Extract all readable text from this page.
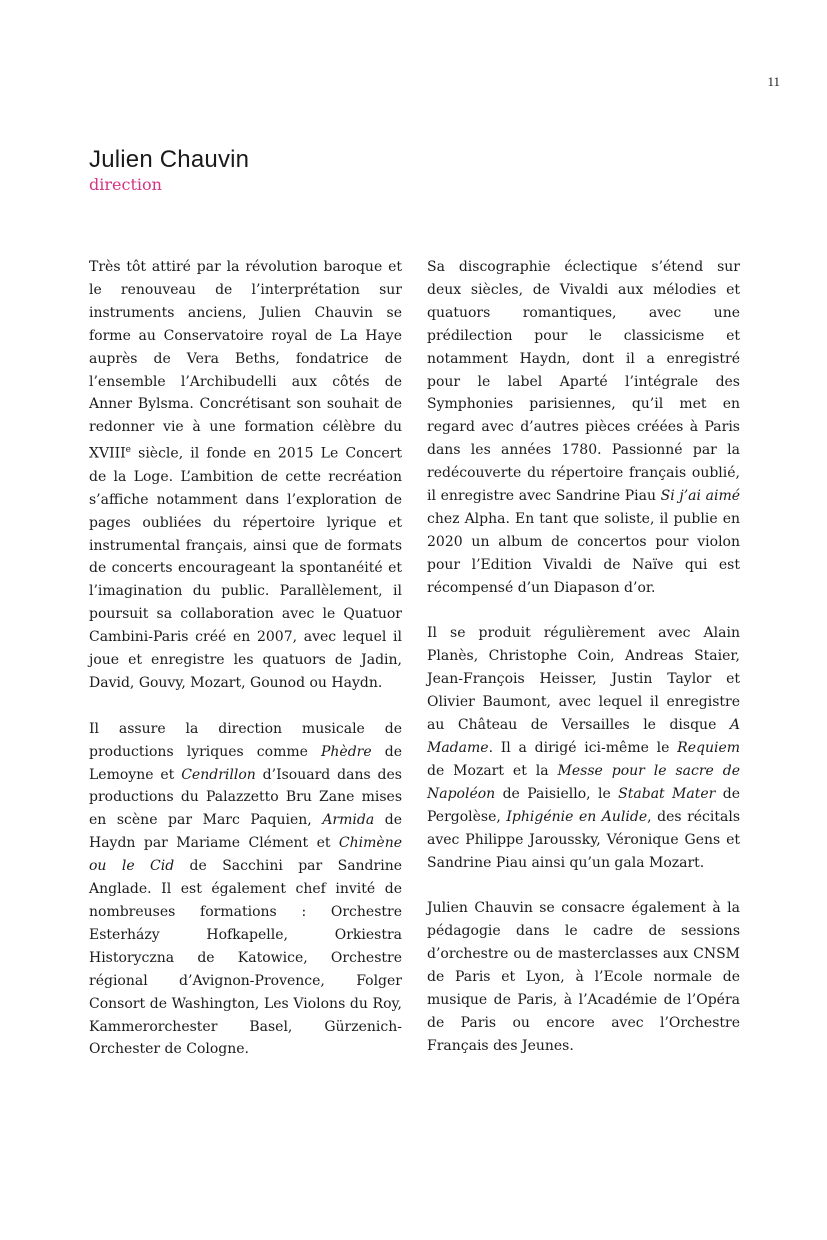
11
Julien Chauvin
direction

Très tôt attiré par la révolution baroque et le renouveau de l’interprétation sur instruments anciens, Julien Chauvin se forme au Conservatoire royal de La Haye auprès de Vera Beths, fondatrice de l’ensemble l’Archibudelli aux côtés de Anner Bylsma. Concrétisant son souhait de redonner vie à une formation célèbre du XVIIIe siècle, il fonde en 2015 Le Concert de la Loge. L’ambition de cette recréation s’affiche notamment dans l’exploration de pages oubliées du répertoire lyrique et instrumental français, ainsi que de formats de concerts encourageant la spontanéité et l’imagination du public. Parallèlement, il poursuit sa collaboration avec le Quatuor Cambini-Paris créé en 2007, avec lequel il joue et enregistre les quatuors de Jadin, David, Gouvy, Mozart, Gounod ou Haydn.

Il assure la direction musicale de productions lyriques comme Phèdre de Lemoyne et Cendrillon d’Isouard dans des productions du Palazzetto Bru Zane mises en scène par Marc Paquien, Armida de Haydn par Mariame Clément et Chimène ou le Cid de Sacchini par Sandrine Anglade. Il est également chef invité de nombreuses formations : Orchestre Esterházy Hofkapelle, Orkiestra Historyczna de Katowice, Orchestre régional d’Avignon-Provence, Folger Consort de Washington, Les Violons du Roy, Kammerorchester Basel, Gürzenich-Orchester de Cologne.

Sa discographie éclectique s’étend sur deux siècles, de Vivaldi aux mélodies et quatuors romantiques, avec une prédilection pour le classicisme et notamment Haydn, dont il a enregistré pour le label Aparté l’intégrale des Symphonies parisiennes, qu’il met en regard avec d’autres pièces créées à Paris dans les années 1780. Passionné par la redécouverte du répertoire français oublié, il enregistre avec Sandrine Piau Si j’ai aimé chez Alpha. En tant que soliste, il publie en 2020 un album de concertos pour violon pour l’Edition Vivaldi de Naïve qui est récompensé d’un Diapason d’or.

Il se produit régulièrement avec Alain Planès, Christophe Coin, Andreas Staier, Jean-François Heisser, Justin Taylor et Olivier Baumont, avec lequel il enregistre au Château de Versailles le disque A Madame. Il a dirigé ici-même le Requiem de Mozart et la Messe pour le sacre de Napoléon de Paisiello, le Stabat Mater de Pergolèse, Iphigénie en Aulide, des récitals avec Philippe Jaroussky, Véronique Gens et Sandrine Piau ainsi qu’un gala Mozart.

Julien Chauvin se consacre également à la pédagogie dans le cadre de sessions d’orchestre ou de masterclasses aux CNSM de Paris et Lyon, à l’Ecole normale de musique de Paris, à l’Académie de l’Opéra de Paris ou encore avec l’Orchestre Français des Jeunes.
